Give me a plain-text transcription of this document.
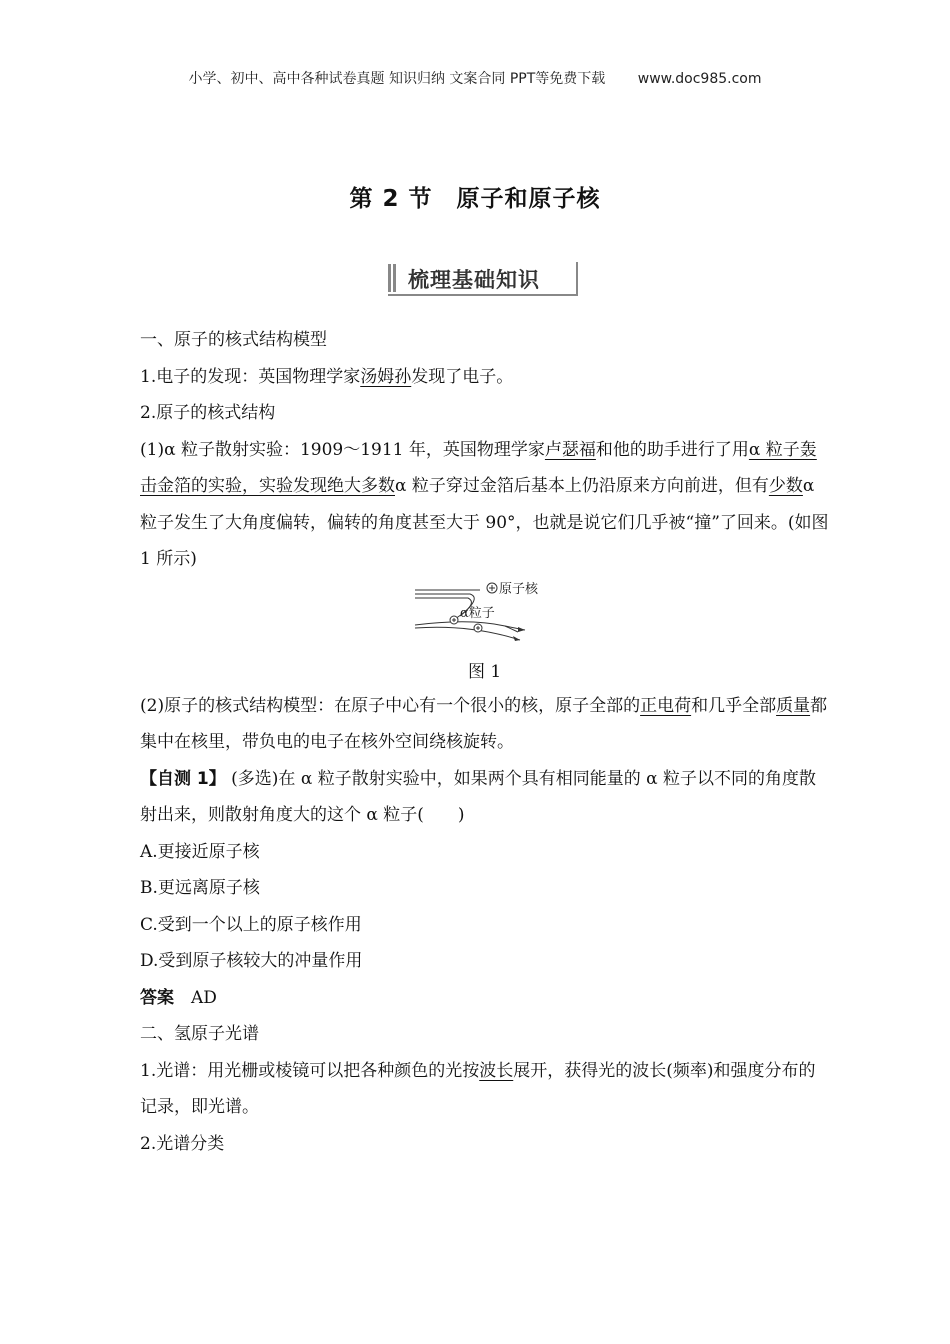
小学、初中、高中各种试卷真题 知识归纳 文案合同 PPT等免费下载 www.doc985.com
第 2 节　原子和原子核
梳理基础知识

一、原子的核式结构模型

1.电子的发现：英国物理学家汤姆孙发现了电子。

2.原子的核式结构

(1)α 粒子散射实验：1909～1911 年，英国物理学家卢瑟福和他的助手进行了用α 粒子轰击金箔的实验，实验发现绝大多数α 粒子穿过金箔后基本上仍沿原来方向前进，但有少数α 粒子发生了大角度偏转，偏转的角度甚至大于 90°，也就是说它们几乎被“撞”了回来。(如图 1 所示)

原子核
α粒子
图 1

(2)原子的核式结构模型：在原子中心有一个很小的核，原子全部的正电荷和几乎全部质量都集中在核里，带负电的电子在核外空间绕核旋转。

【自测 1】 (多选)在 α 粒子散射实验中，如果两个具有相同能量的 α 粒子以不同的角度散射出来，则散射角度大的这个 α 粒子(　　)

A.更接近原子核

B.更远离原子核

C.受到一个以上的原子核作用

D.受到原子核较大的冲量作用

答案　 AD

二、氢原子光谱

1.光谱：用光栅或棱镜可以把各种颜色的光按波长展开，获得光的波长(频率)和强度分布的记录，即光谱。

2.光谱分类
